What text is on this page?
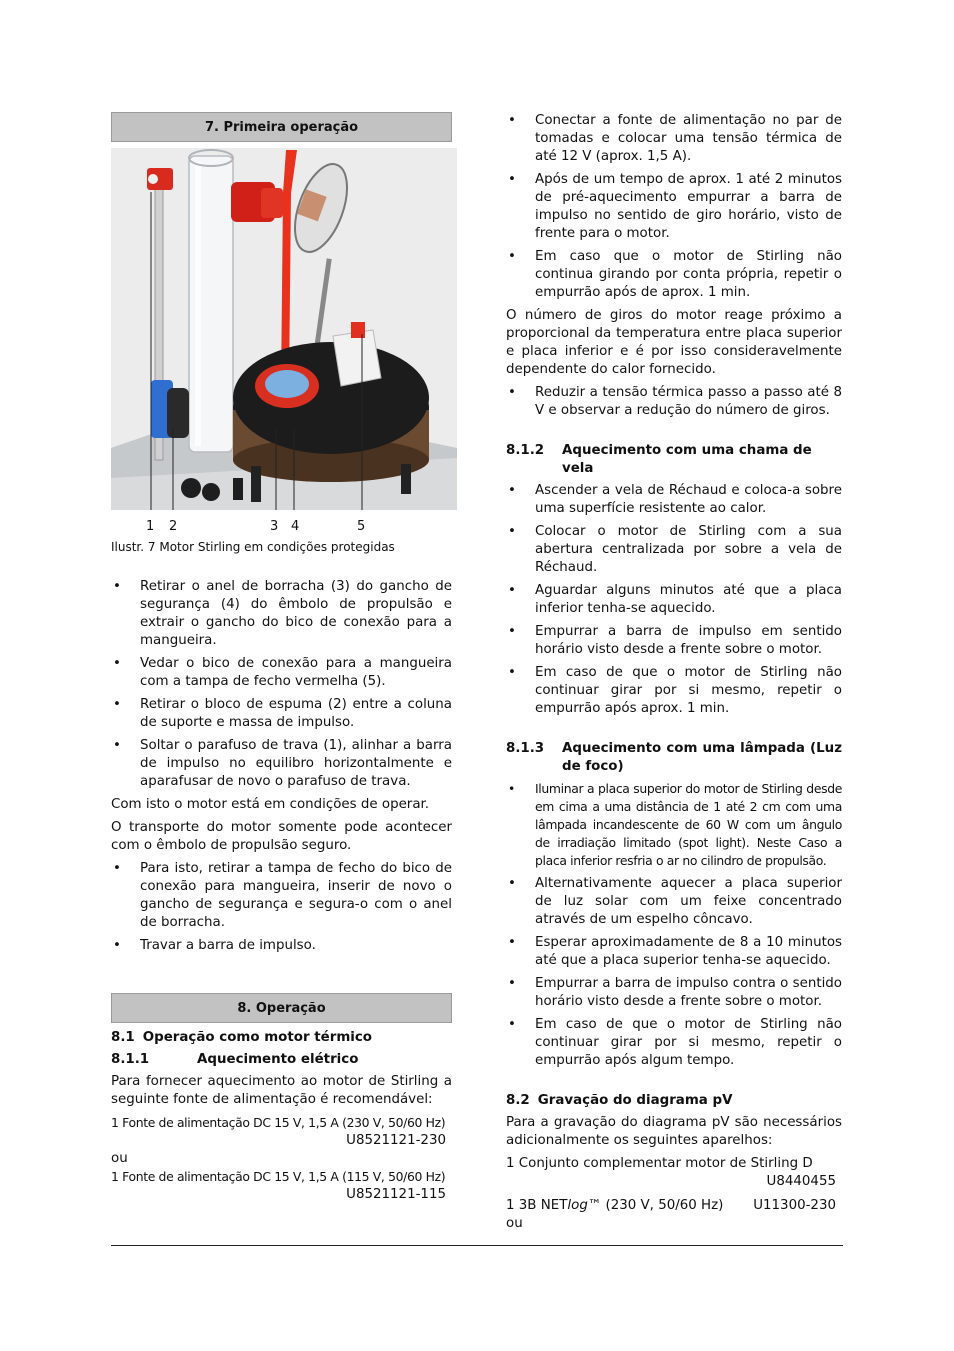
7. Primeira operação
1 2	3 4	5
Ilustr. 7 Motor Stirling em condições protegidas
• Retirar o anel de borracha (3) do gancho de segurança (4) do êmbolo de propulsão e extrair o gancho do bico de conexão para a mangueira.
• Vedar o bico de conexão para a mangueira com a tampa de fecho vermelha (5).
• Retirar o bloco de espuma (2) entre a coluna de suporte e massa de impulso.
• Soltar o parafuso de trava (1), alinhar a barra de impulso no equilibro horizontalmente e aparafusar de novo o parafuso de trava.

Com isto o motor está em condições de operar.

O transporte do motor somente pode acontecer com o êmbolo de propulsão seguro.

• Para isto, retirar a tampa de fecho do bico de conexão para mangueira, inserir de novo o gancho de segurança e segura-o com o anel de borracha.
• Travar a barra de impulso.
8. Operação
8.1 Operação como motor térmico
8.1.1	Aquecimento elétrico

Para fornecer aquecimento ao motor de Stirling a seguinte fonte de alimentação é recomendável:

1 Fonte de alimentação DC 15 V, 1,5 A (230 V, 50/60 Hz)
U8521121-230
ou
1 Fonte de alimentação DC 15 V, 1,5 A (115 V, 50/60 Hz)
U8521121-115
• Conectar a fonte de alimentação no par de tomadas e colocar uma tensão térmica de até 12 V (aprox. 1,5 A).
• Após de um tempo de aprox. 1 até 2 minutos de pré-aquecimento empurrar a barra de impulso no sentido de giro horário, visto de frente para o motor.
• Em caso que o motor de Stirling não continua girando por conta própria, repetir o empurrão após de aprox. 1 min.

O número de giros do motor reage próximo a proporcional da temperatura entre placa superior e placa inferior e é por isso consideravelmente dependente do calor fornecido.

• Reduzir a tensão térmica passo a passo até 8 V e observar a redução do número de giros.
8.1.2	Aquecimento com uma chama de vela
• Ascender a vela de Réchaud e coloca-a sobre uma superfície resistente ao calor.
• Colocar o motor de Stirling com a sua abertura centralizada por sobre a vela de Réchaud.
• Aguardar alguns minutos até que a placa inferior tenha-se aquecido.
• Empurrar a barra de impulso em sentido horário visto desde a frente sobre o motor.
• Em caso de que o motor de Stirling não continuar girar por si mesmo, repetir o empurrão após aprox. 1 min.
8.1.3	Aquecimento com uma lâmpada (Luz de foco)
• Iluminar a placa superior do motor de Stirling desde em cima a uma distância de 1 até 2 cm com uma lâmpada incandescente de 60 W com um ângulo de irradiação limitado (spot light). Neste Caso a placa inferior resfria o ar no cilindro de propulsão.
• Alternativamente aquecer a placa superior de luz solar com um feixe concentrado através de um espelho côncavo.
• Esperar aproximadamente de 8 a 10 minutos até que a placa superior tenha-se aquecido.
• Empurrar a barra de impulso contra o sentido horário visto desde a frente sobre o motor.
• Em caso de que o motor de Stirling não continuar girar por si mesmo, repetir o empurrão após algum tempo.
8.2 Gravação do diagrama pV

Para a gravação do diagrama pV são necessários adicionalmente os seguintes aparelhos:

1 Conjunto complementar motor de Stirling D
U8440455
1 3B NETlog™ (230 V, 50/60 Hz) U11300-230
ou
